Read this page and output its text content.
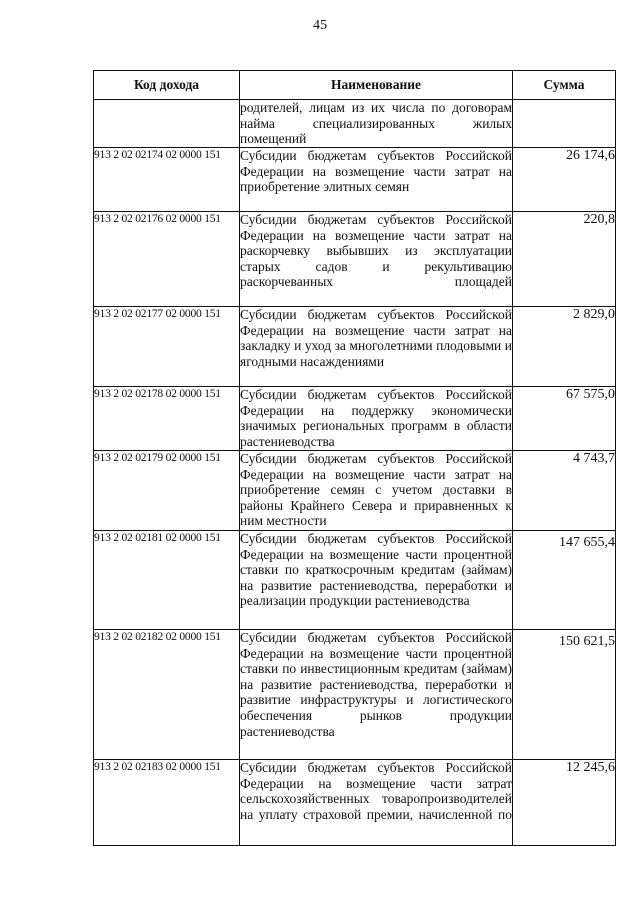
45
Код дохода	Наименование	Сумма
	родителей, лицам из их числа по договорам найма специализированных жилых помещений	
913 2 02 02174 02 0000 151	Субсидии бюджетам субъектов Российской Федерации на возмещение части затрат на приобретение элитных семян	26 174,6
913 2 02 02176 02 0000 151	Субсидии бюджетам субъектов Российской Федерации на возмещение части затрат на раскорчевку выбывших из эксплуатации старых садов и рекультивацию раскорчеванных площадей	220,8
913 2 02 02177 02 0000 151	Субсидии бюджетам субъектов Российской Федерации на возмещение части затрат на закладку и уход за многолетними плодовыми и ягодными насаждениями	2 829,0
913 2 02 02178 02 0000 151	Субсидии бюджетам субъектов Российской Федерации на поддержку экономически значимых региональных программ в области растениеводства	67 575,0
913 2 02 02179 02 0000 151	Субсидии бюджетам субъектов Российской Федерации на возмещение части затрат на приобретение семян с учетом доставки в районы Крайнего Севера и приравненных к ним местности	4 743,7
913 2 02 02181 02 0000 151	Субсидии бюджетам субъектов Российской Федерации на возмещение части процентной ставки по краткосрочным кредитам (займам) на развитие растениеводства, переработки и реализации продукции растениеводства	147 655,4
913 2 02 02182 02 0000 151	Субсидии бюджетам субъектов Российской Федерации на возмещение части процентной ставки по инвестиционным кредитам (займам) на развитие растениеводства, переработки и развитие инфраструктуры и логистического обеспечения рынков продукции растениеводства	150 621,5
913 2 02 02183 02 0000 151	Субсидии бюджетам субъектов Российской Федерации на возмещение части затрат сельскохозяйственных товаропроизводителей на уплату страховой премии, начисленной по	12 245,6
